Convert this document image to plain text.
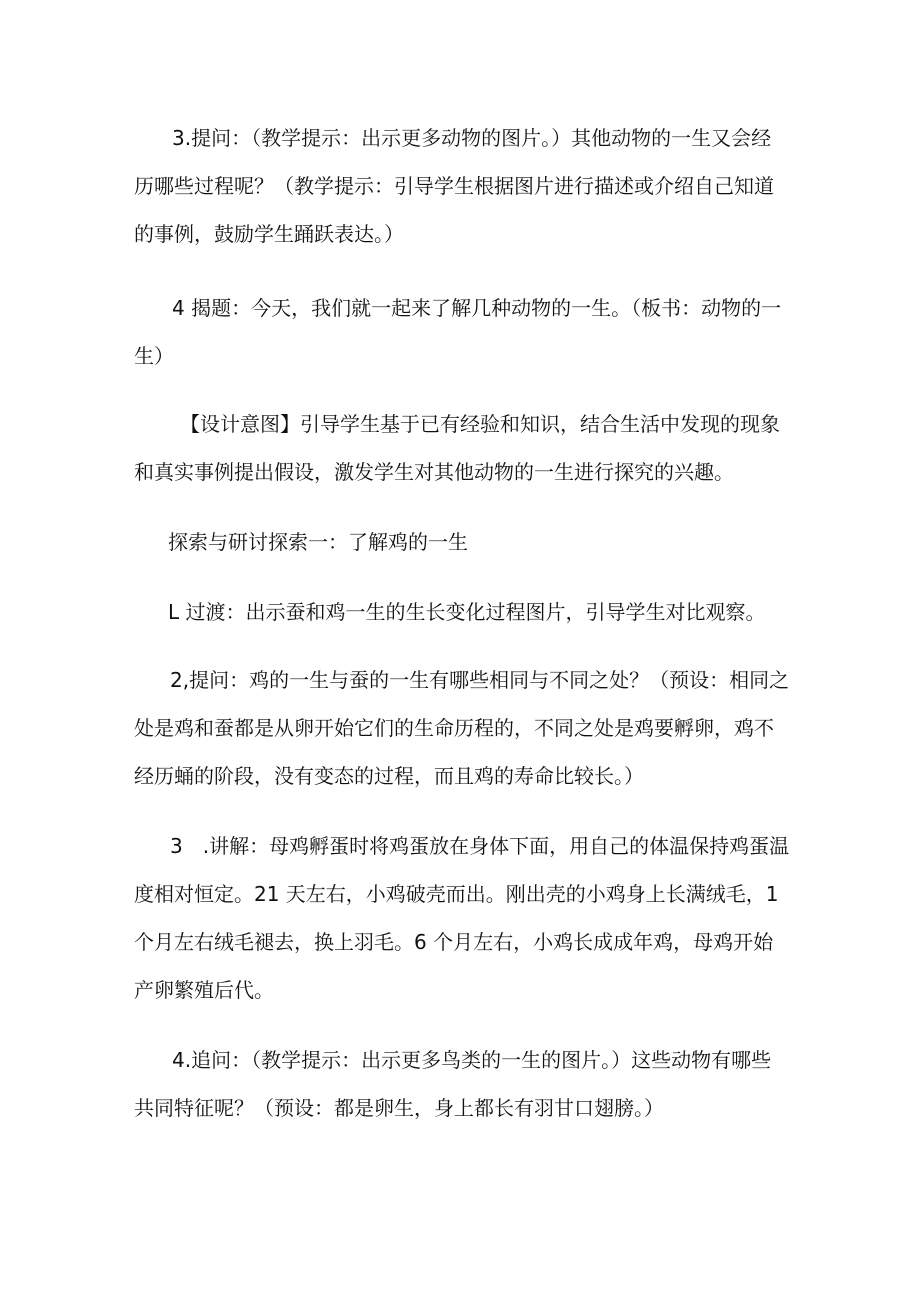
3.提问：（教学提示：出示更多动物的图片。）其他动物的一生又会经
历哪些过程呢？（教学提示：引导学生根据图片进行描述或介绍自己知道
的事例，鼓励学生踊跃表达。）
4 揭题：今天，我们就一起来了解几种动物的一生。（板书：动物的一
生）
【设计意图】引导学生基于已有经验和知识，结合生活中发现的现象
和真实事例提出假设，激发学生对其他动物的一生进行探究的兴趣。
探索与研讨探索一：了解鸡的一生
L 过渡：出示蚕和鸡一生的生长变化过程图片，引导学生对比观察。
2,提问：鸡的一生与蚕的一生有哪些相同与不同之处？（预设：相同之
处是鸡和蚕都是从卵开始它们的生命历程的，不同之处是鸡要孵卵，鸡不
经历蛹的阶段，没有变态的过程，而且鸡的寿命比较长。）
3　.讲解：母鸡孵蛋时将鸡蛋放在身体下面，用自己的体温保持鸡蛋温
度相对恒定。21 天左右，小鸡破壳而出。刚出壳的小鸡身上长满绒毛，1
个月左右绒毛褪去，换上羽毛。6 个月左右，小鸡长成成年鸡，母鸡开始
产卵繁殖后代。
4.追问：（教学提示：出示更多鸟类的一生的图片。）这些动物有哪些
共同特征呢？（预设：都是卵生，身上都长有羽甘口翅膀。）
